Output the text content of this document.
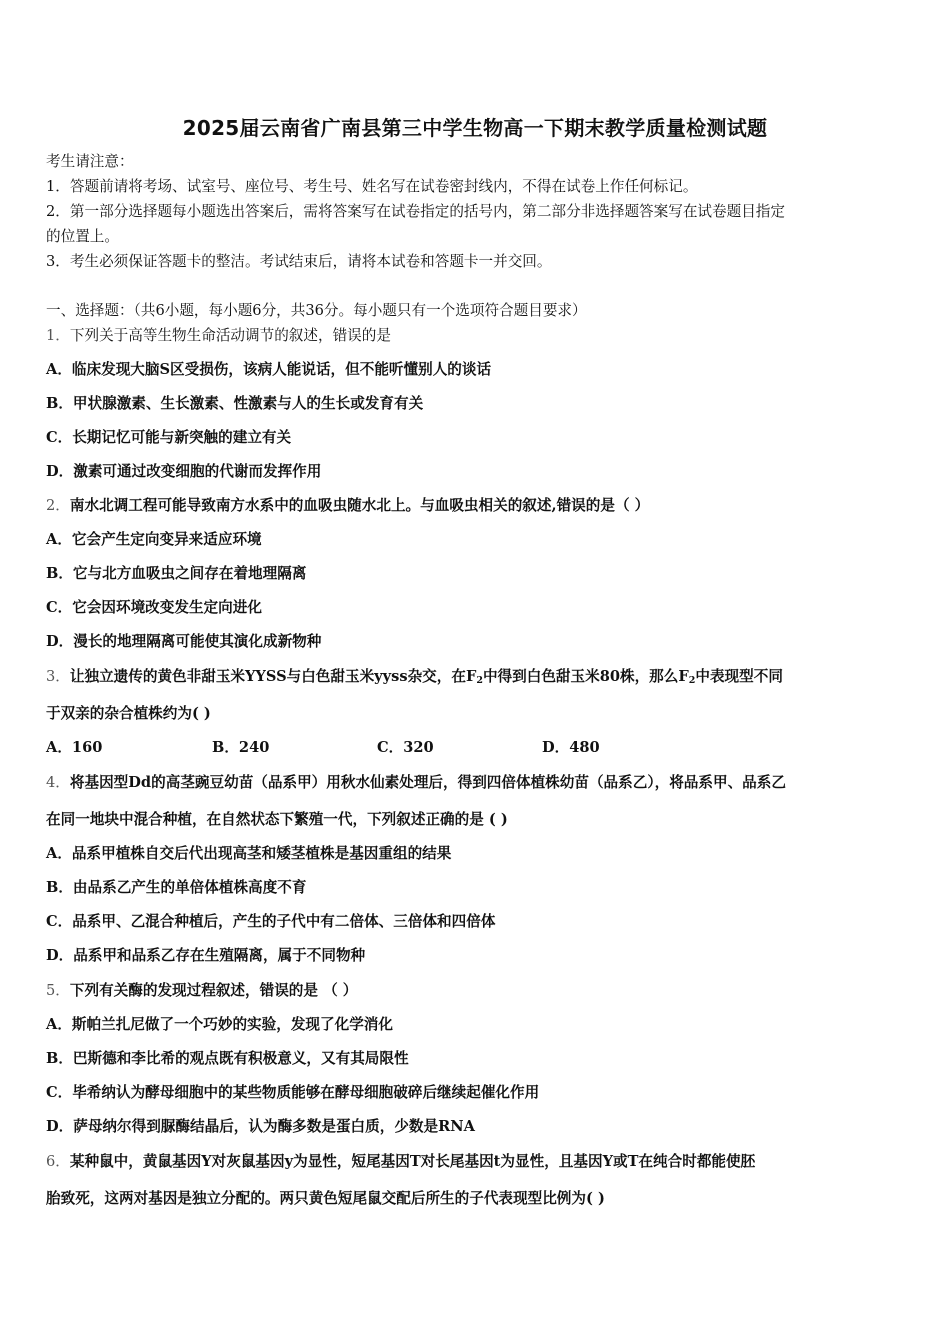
2025届云南省广南县第三中学生物高一下期末教学质量检测试题
考生请注意：
1．答题前请将考场、试室号、座位号、考生号、姓名写在试卷密封线内，不得在试卷上作任何标记。
2．第一部分选择题每小题选出答案后，需将答案写在试卷指定的括号内，第二部分非选择题答案写在试卷题目指定
的位置上。
3．考生必须保证答题卡的整洁。考试结束后，请将本试卷和答题卡一并交回。
一、选择题：（共6小题，每小题6分，共36分。每小题只有一个选项符合题目要求）
1．下列关于高等生物生命活动调节的叙述，错误的是
A．临床发现大脑S区受损伤，该病人能说话，但不能听懂别人的谈话
B．甲状腺激素、生长激素、性激素与人的生长或发育有关
C．长期记忆可能与新突触的建立有关
D．激素可通过改变细胞的代谢而发挥作用
2．南水北调工程可能导致南方水系中的血吸虫随水北上。与血吸虫相关的叙述,错误的是（ ）
A．它会产生定向变异来适应环境
B．它与北方血吸虫之间存在着地理隔离
C．它会因环境改变发生定向进化
D．漫长的地理隔离可能使其演化成新物种
3．让独立遗传的黄色非甜玉米YYSS与白色甜玉米yyss杂交，在$F_2$中得到白色甜玉米80株，那么$F_2$中表现型不同
于双亲的杂合植株约为( )
A．160	B．240	C．320	D．480
4．将基因型Dd的高茎豌豆幼苗（品系甲）用秋水仙素处理后，得到四倍体植株幼苗（品系乙），将品系甲、品系乙
在同一地块中混合种植，在自然状态下繁殖一代，下列叙述正确的是 ( )
A．品系甲植株自交后代出现高茎和矮茎植株是基因重组的结果
B．由品系乙产生的单倍体植株高度不育
C．品系甲、乙混合种植后，产生的子代中有二倍体、三倍体和四倍体
D．品系甲和品系乙存在生殖隔离，属于不同物种
5．下列有关酶的发现过程叙述，错误的是 （ ）
A．斯帕兰扎尼做了一个巧妙的实验，发现了化学消化
B．巴斯德和李比希的观点既有积极意义，又有其局限性
C．毕希纳认为酵母细胞中的某些物质能够在酵母细胞破碎后继续起催化作用
D．萨母纳尔得到脲酶结晶后，认为酶多数是蛋白质，少数是RNA
6．某种鼠中，黄鼠基因Y对灰鼠基因y为显性，短尾基因T对长尾基因t为显性，且基因Y或T在纯合时都能使胚
胎致死，这两对基因是独立分配的。两只黄色短尾鼠交配后所生的子代表现型比例为( )
